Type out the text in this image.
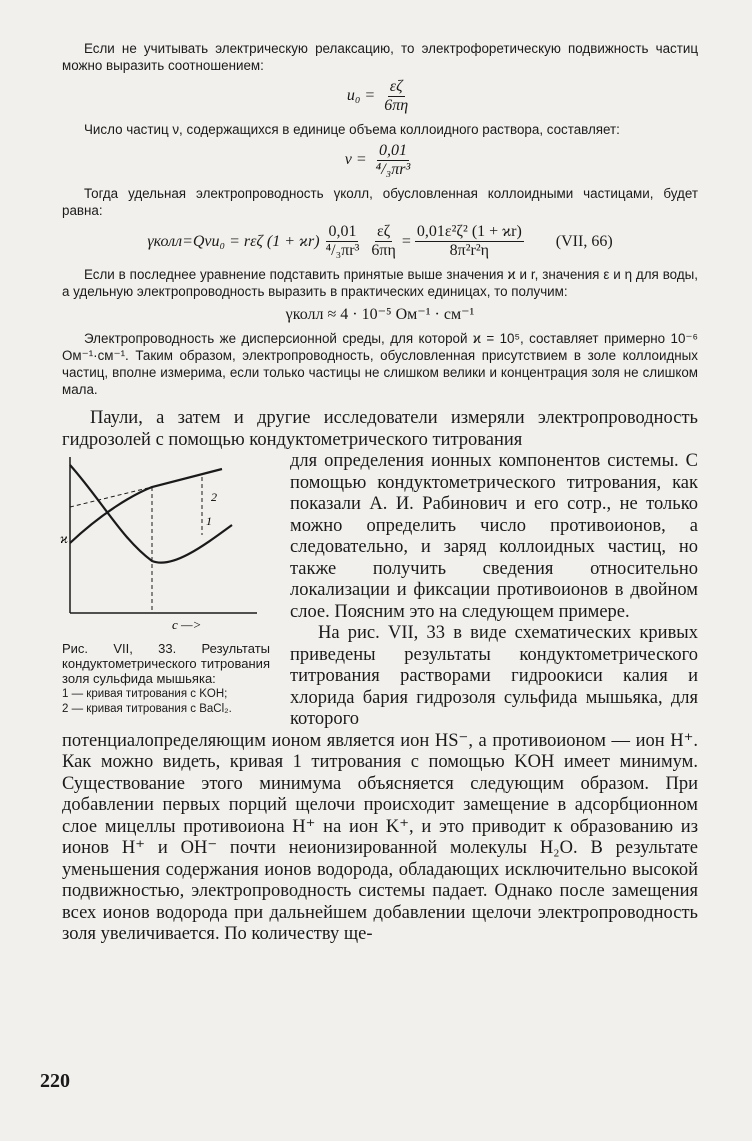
Если не учитывать электрическую релаксацию, то электрофоретическую подвижность частиц можно выразить соотношением:

$u_0 = \frac{\varepsilon\zeta}{6\pi\eta}$

Число частиц ν, содержащихся в единице объема коллоидного раствора, составляет:

$\nu = \frac{0,01}{\text{⁴/₃πr³}}$

Тогда удельная электропроводность γколл, обусловленная коллоидными частицами, будет равна:

γколл=Qνu₀ = rεζ $(1 + ϰr) \frac{0,01}{\text{⁴/₃πr³}} \frac{\varepsilon\zeta}{6\pi\eta} = \frac{\text{0,01ε²ζ² (1 + ϰr)}}{\text{8π²r²η}} (VII$, 66)

Если в последнее уравнение подставить принятые выше значения ϰ и r, значения ε и η для воды, а удельную электропроводность выразить в практических единицах, то получим:

γколл ≈ 4 · 10⁻⁵ Ом⁻¹ · см⁻¹

Электропроводность же дисперсионной среды, для которой ϰ = 10⁵, составляет примерно 10⁻⁶ Ом⁻¹·см⁻¹. Таким образом, электропроводность, обусловленная присутствием в золе коллоидных частиц, вполне измерима, если только частицы не слишком велики и концентрация золя не слишком мала.

Паули, а затем и другие исследователи измеряли электропроводность гидрозолей с помощью кондуктометрического титрования

2
1
c —>
ϰ
Рис. VII, 33. Результаты кондуктометрического титрования золя сульфида мышьяка:
1 — кривая титрования с KOH;
2 — кривая титрования с BaCl₂.

для определения ионных компонентов системы. С помощью кондуктометрического титрования, как показали А. И. Рабинович и его сотр., не только можно определить число противоионов, а следовательно, и заряд коллоидных частиц, но также получить сведения относительно локализации и фиксации противоионов в двойном слое. Поясним это на следующем примере.

На рис. VII, 33 в виде схематических кривых приведены результаты кондуктометрического титрования растворами гидроокиси калия и хлорида бария гидрозоля сульфида мышьяка, для которого

потенциалопределяющим ионом является ион HS⁻, а противоионом — ион H⁺. Как можно видеть, кривая 1 титрования с помощью KOH имеет минимум. Существование этого минимума объясняется следующим образом. При добавлении первых порций щелочи происходит замещение в адсорбционном слое мицеллы противоиона H⁺ на ион K⁺, и это приводит к образованию из ионов H⁺ и OH⁻ почти неионизированной молекулы H₂O. В результате уменьшения содержания ионов водорода, обладающих исключительно высокой подвижностью, электропроводность системы падает. Однако после замещения всех ионов водорода при дальнейшем добавлении щелочи электропроводность золя увеличивается. По количеству ще-

220
